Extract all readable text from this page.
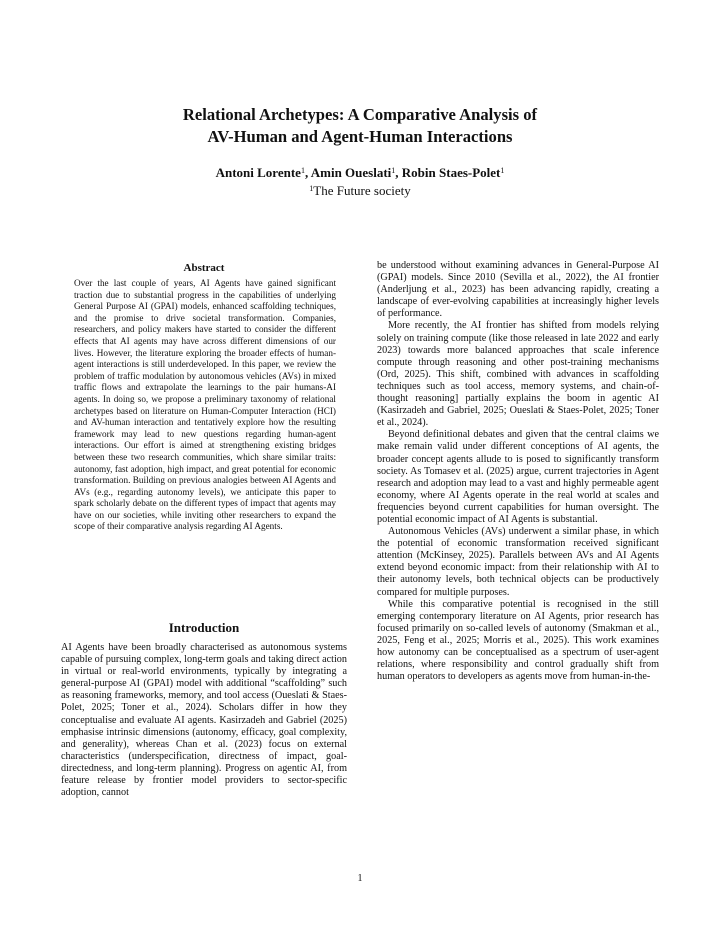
Relational Archetypes: A Comparative Analysis of
AV-Human and Agent-Human Interactions
Antoni Lorente$^1$, Amin Oueslati$^1$, Robin Staes-Polet$^1$
$^1$The Future society
Abstract

Over the last couple of years, AI Agents have gained significant traction due to substantial progress in the capabilities of underlying General Purpose AI (GPAI) models, enhanced scaffolding techniques, and the promise to drive societal transformation. Companies, researchers, and policy makers have started to consider the different effects that AI agents may have across different dimensions of our lives. However, the literature exploring the broader effects of human-agent interactions is still underdeveloped. In this paper, we review the problem of traffic modulation by autonomous vehicles (AVs) in mixed traffic flows and extrapolate the learnings to the pair humans-AI agents. In doing so, we propose a preliminary taxonomy of relational archetypes based on literature on Human-Computer Interaction (HCI) and AV-human interaction and tentatively explore how the resulting framework may lead to new questions regarding human-agent interactions. Our effort is aimed at strengthening existing bridges between these two research communities, which share similar traits: autonomy, fast adoption, high impact, and great potential for economic transformation. Building on previous analogies between AI Agents and AVs (e.g., regarding autonomy levels), we anticipate this paper to spark scholarly debate on the different types of impact that agents may have on our societies, while inviting other researchers to expand the scope of their comparative analysis regarding AI Agents.

Introduction

AI Agents have been broadly characterised as autonomous systems capable of pursuing complex, long-term goals and taking direct action in virtual or real-world environments, typically by integrating a general-purpose AI (GPAI) model with additional “scaffolding” such as reasoning frameworks, memory, and tool access (Oueslati & Staes-Polet, 2025; Toner et al., 2024). Scholars differ in how they conceptualise and evaluate AI agents. Kasirzadeh and Gabriel (2025) emphasise intrinsic dimensions (autonomy, efficacy, goal complexity, and generality), whereas Chan et al. (2023) focus on external characteristics (underspecification, directness of impact, goal-directedness, and long-term planning). Progress on agentic AI, from feature release by frontier model providers to sector-specific adoption, cannot

be understood without examining advances in General-Purpose AI (GPAI) models. Since 2010 (Sevilla et al., 2022), the AI frontier (Anderljung et al., 2023) has been advancing rapidly, creating a landscape of ever-evolving capabilities at increasingly higher levels of performance.

More recently, the AI frontier has shifted from models relying solely on training compute (like those released in late 2022 and early 2023) towards more balanced approaches that scale inference compute through reasoning and other post-training mechanisms (Ord, 2025). This shift, combined with advances in scaffolding techniques such as tool access, memory systems, and chain-of-thought reasoning] partially explains the boom in agentic AI (Kasirzadeh and Gabriel, 2025; Oueslati & Staes-Polet, 2025; Toner et al., 2024).

Beyond definitional debates and given that the central claims we make remain valid under different conceptions of AI agents, the broader concept agents allude to is posed to significantly transform society. As Tomasev et al. (2025) argue, current trajectories in Agent research and adoption may lead to a vast and highly permeable agent economy, where AI Agents operate in the real world at scales and frequencies beyond current capabilities for human oversight. The potential economic impact of AI Agents is substantial.

Autonomous Vehicles (AVs) underwent a similar phase, in which the potential of economic transformation received significant attention (McKinsey, 2025). Parallels between AVs and AI Agents extend beyond economic impact: from their relationship with AI to their autonomy levels, both technical objects can be productively compared for multiple purposes.

While this comparative potential is recognised in the still emerging contemporary literature on AI Agents, prior research has focused primarily on so-called levels of autonomy (Smakman et al., 2025, Feng et al., 2025; Morris et al., 2025). This work examines how autonomy can be conceptualised as a spectrum of user-agent relations, where responsibility and control gradually shift from human operators to developers as agents move from human-in-the-

1
